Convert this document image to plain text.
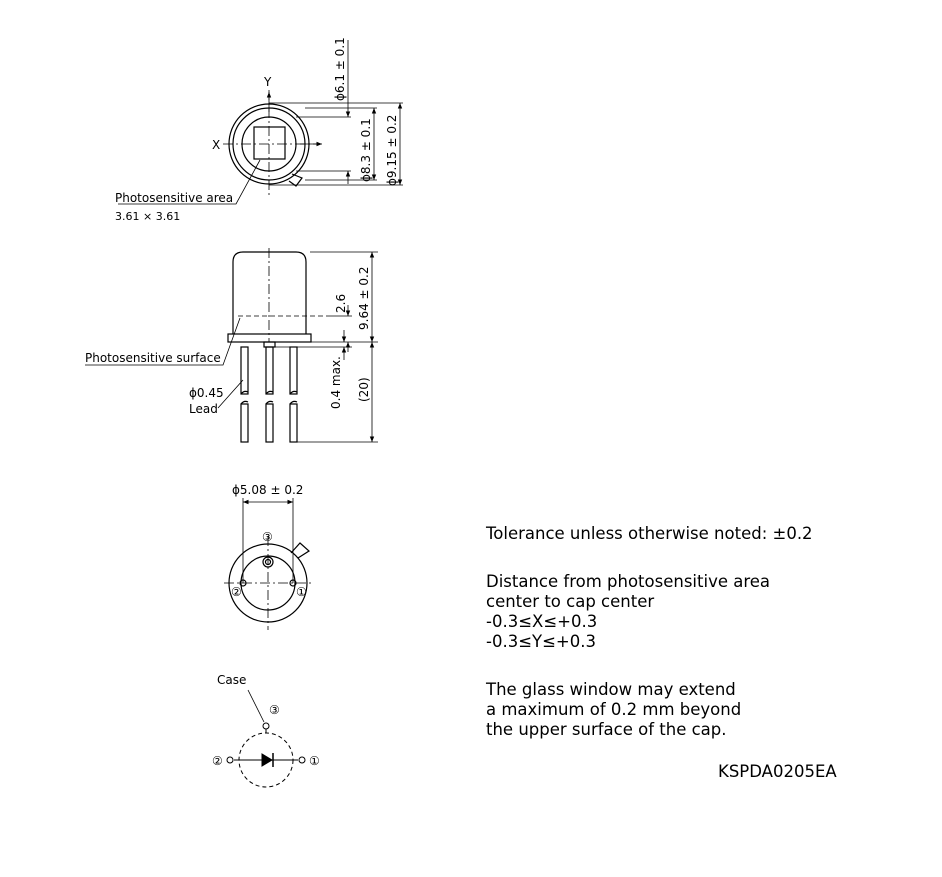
Y
X
ϕ6.1 ± 0.1
ϕ8.3 ± 0.1 ϕ9.15 ± 0.2
Photosensitive area
3.61 × 3.61
2.6 9.64 ± 0.2
0.4 max. (20)
Photosensitive surface
ϕ0.45
Lead
ϕ5.08 ± 0.2
③
②	①
Case
③
②	①
Tolerance unless otherwise noted: ±0.2
Distance from photosensitive area
center to cap center
-0.3≤X≤+0.3
-0.3≤Y≤+0.3
The glass window may extend
a maximum of 0.2 mm beyond
the upper surface of the cap.
KSPDA0205EA
